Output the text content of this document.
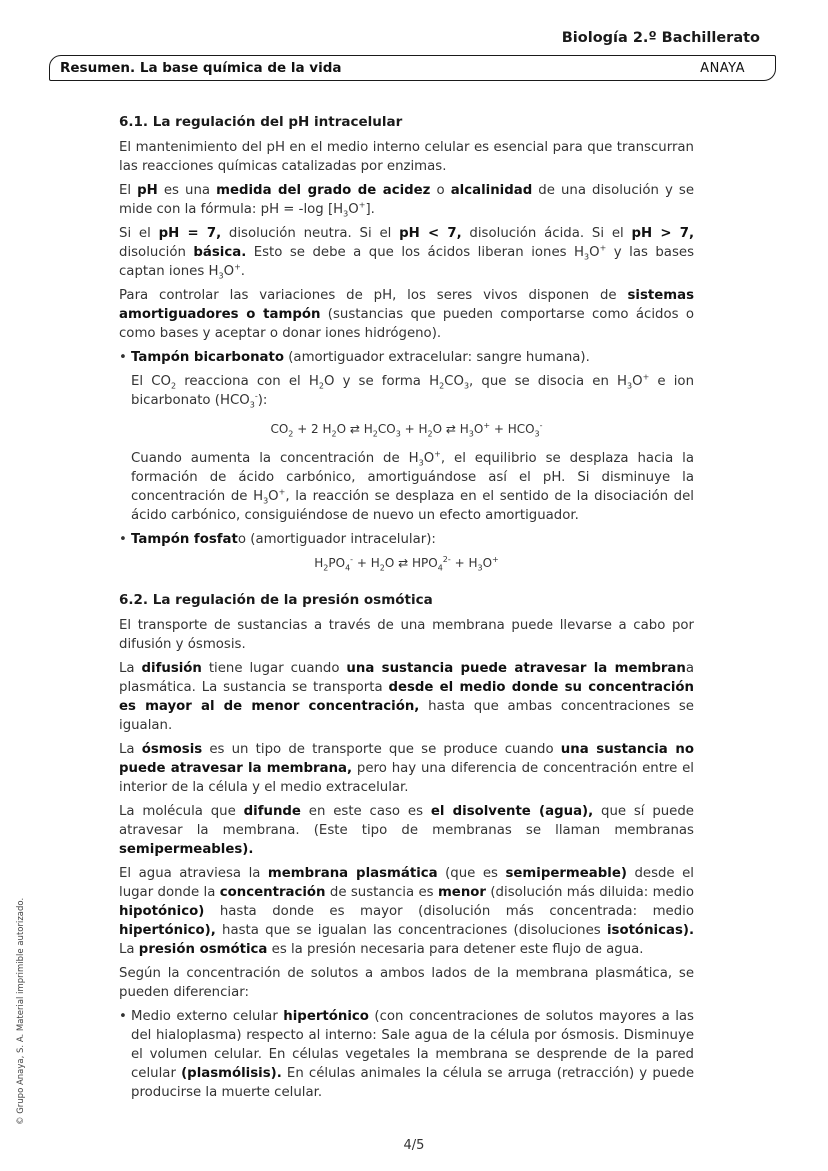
Biología 2.º Bachillerato
Resumen. La base química de la vida	ANAYA
6.1. La regulación del pH intracelular

El mantenimiento del pH en el medio interno celular es esencial para que transcurran las reacciones químicas catalizadas por enzimas.

El pH es una medida del grado de acidez o alcalinidad de una disolución y se mide con la fórmula: pH = -log $[H_3O^+]$.

Si el pH = 7, disolución neutra. Si el pH < 7, disolución ácida. Si el pH > 7, disolución básica. Esto se debe a que los ácidos liberan iones $H_3O^+$ y las bases captan iones $H_3O^+$.

Para controlar las variaciones de pH, los seres vivos disponen de sistemas amortiguadores o tampón (sustancias que pueden comportarse como ácidos o como bases y aceptar o donar iones hidrógeno).

• Tampón bicarbonato (amortiguador extracelular: sangre humana).

El $CO_2$ reacciona con el $H_2O$ y se forma $H_2CO_3$, que se disocia en $H_3O^+$ e ion bicarbonato $(HCO_3^-)$:

$CO_2 + 2$ $H_2O$ ⇄ $H_2CO_3 + H_2O$ ⇄ $H_3O^+ + HCO_3^-$

Cuando aumenta la concentración de $H_3O^+$, el equilibrio se desplaza hacia la formación de ácido carbónico, amortiguándose así el pH. Si disminuye la concentración de $H_3O^+$, la reacción se desplaza en el sentido de la disociación del ácido carbónico, consiguiéndose de nuevo un efecto amortiguador.

• Tampón fosfato (amortiguador intracelular):
$H_2PO_4^- + H_2O$ ⇄ $HPO_4^{2-} + H_3O^+$
6.2. La regulación de la presión osmótica

El transporte de sustancias a través de una membrana puede llevarse a cabo por difusión y ósmosis.

La difusión tiene lugar cuando una sustancia puede atravesar la membrana plasmática. La sustancia se transporta desde el medio donde su concentración es mayor al de menor concentración, hasta que ambas concentraciones se igualan.

La ósmosis es un tipo de transporte que se produce cuando una sustancia no puede atravesar la membrana, pero hay una diferencia de concentración entre el interior de la célula y el medio extracelular.

La molécula que difunde en este caso es el disolvente (agua), que sí puede atravesar la membrana. (Este tipo de membranas se llaman membranas semipermeables).

El agua atraviesa la membrana plasmática (que es semipermeable) desde el lugar donde la concentración de sustancia es menor (disolución más diluida: medio hipotónico) hasta donde es mayor (disolución más concentrada: medio hipertónico), hasta que se igualan las concentraciones (disoluciones isotónicas). La presión osmótica es la presión necesaria para detener este flujo de agua.

Según la concentración de solutos a ambos lados de la membrana plasmática, se pueden diferenciar:

• Medio externo celular hipertónico (con concentraciones de solutos mayores a las del hialoplasma) respecto al interno: Sale agua de la célula por ósmosis. Disminuye el volumen celular. En células vegetales la membrana se desprende de la pared celular (plasmólisis). En células animales la célula se arruga (retracción) y puede producirse la muerte celular.
© Grupo Anaya, S. A. Material imprimible autorizado.
4/5
